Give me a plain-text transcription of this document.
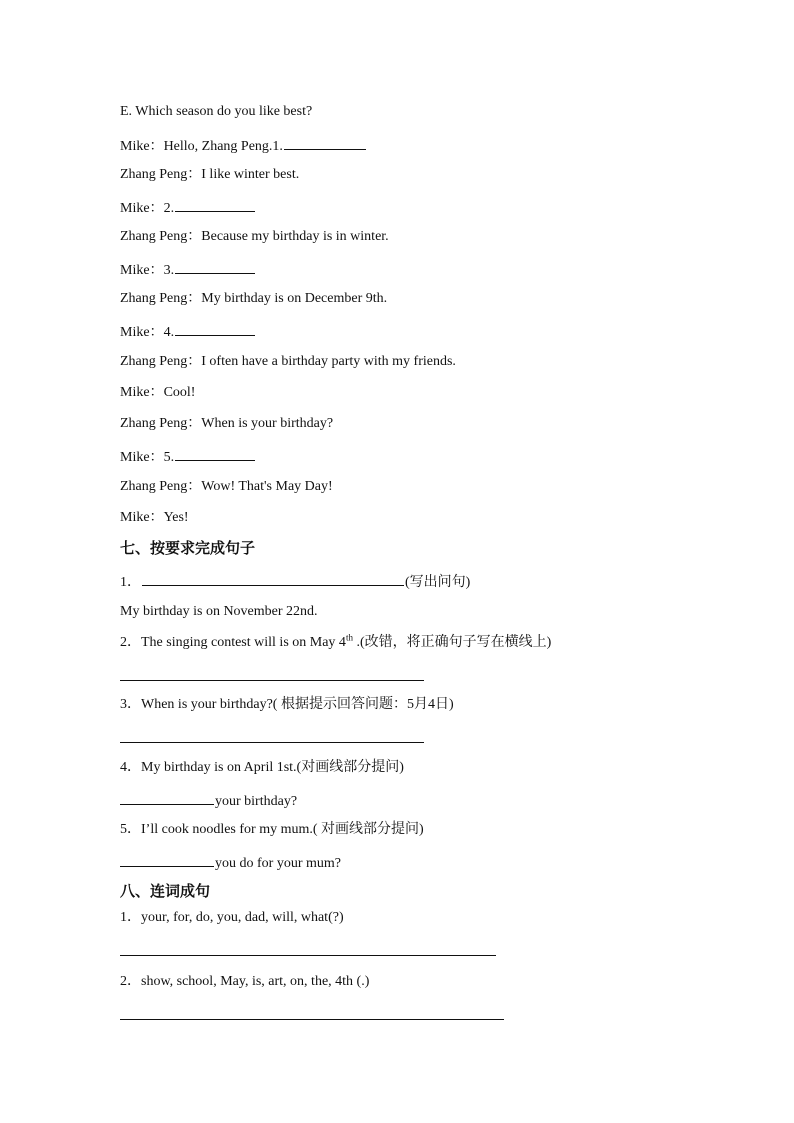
E. Which season do you like best?
Mike：Hello, Zhang Peng.1.
Zhang Peng：I like winter best.
Mike：2.
Zhang Peng：Because my birthday is in winter.
Mike：3.
Zhang Peng：My birthday is on December 9th.
Mike：4.
Zhang Peng：I often have a birthday party with my friends.
Mike：Cool!
Zhang Peng：When is your birthday?
Mike：5.
Zhang Peng：Wow! That's May Day!
Mike：Yes!
七、按要求完成句子
1．	(写出问句)
My birthday is on November 22nd.
2．The singing contest will is on May 4th .(改错，将正确句子写在横线上)
3．When is your birthday?( 根据提示回答问题：5月4日)
4．My birthday is on April 1st.(对画线部分提问)
your birthday?
5．I’ll cook noodles for my mum.( 对画线部分提问)
you do for your mum?
八、连词成句
1．your, for, do, you, dad, will, what(?)
2．show, school, May, is, art, on, the, 4th (.)
